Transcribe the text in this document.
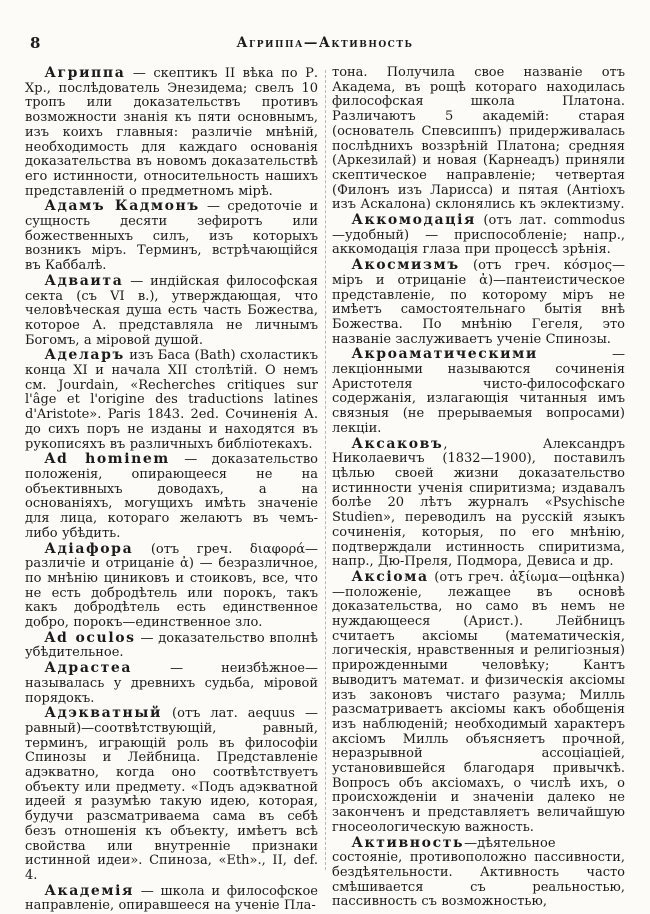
8	Агриппа—Активность

Агриппа — скептикъ II вѣка по Р. Хр., послѣдователь Энезидема; свелъ 10 тропъ или доказательствъ противъ возможности знанія къ пяти основнымъ, изъ коихъ главныя: различіе мнѣній, необходимость для каждаго основанія доказательства въ новомъ доказательствѣ его истинности, относительность нашихъ представленій о предметномъ мірѣ.

Адамъ Кадмонъ — средоточіе и сущность десяти зефиротъ или божественныхъ силъ, изъ которыхъ возникъ міръ. Терминъ, встрѣчающійся въ Каббалѣ.

Адваита — индійская философская секта (съ VI в.), утверждающая, что человѣческая душа есть часть Божества, которое А. представляла не личнымъ Богомъ, а міровой душой.

Аделаръ изъ Баса (Bath) схоластикъ конца XI и начала XII столѣтій. О немъ см. Jourdain, «Recherches critiques sur l'âge et l'origine des traductions latines d'Aristote». Paris 1843. 2ed. Сочиненія А. до сихъ поръ не изданы и находятся въ рукописяхъ въ различныхъ библіотекахъ.

Ad hominem — доказательство положенія, опирающееся не на объективныхъ доводахъ, а на основаніяхъ, могущихъ имѣть значеніе для лица, котораго желаютъ въ чемъ-либо убѣдить.

Адіафора (отъ греч. διαφορά—различіе и отрицаніе ἀ) — безразличное, по мнѣнію циниковъ и стоиковъ, все, что не есть добродѣтель или порокъ, такъ какъ добродѣтель есть единственное добро, порокъ—единственное зло.

Ad oculos — доказательство вполнѣ убѣдительное.

Адрастеа — неизбѣжное—называлась у древнихъ судьба, міровой порядокъ.

Адэкватный (отъ лат. aequus — равный)—соотвѣтствующій, равный, терминъ, играющій роль въ философіи Спинозы и Лейбница. Представленіе адэкватно, когда оно соотвѣтствуетъ объекту или предмету. «Подъ адэкватной идеей я разумѣю такую идею, которая, будучи разсматриваема сама въ себѣ безъ отношенія къ объекту, имѣетъ всѣ свойства или внутренніе признаки истинной идеи». Спиноза, «Eth»., II, def. 4.

Академія — школа и философское направленіе, опиравшееся на ученіе Пла-

тона. Получила свое названіе отъ Академа, въ рощѣ котораго находилась философская школа Платона. Различаютъ 5 академій: старая (основатель Спевсиппъ) придерживалась послѣднихъ воззрѣній Платона; средняя (Аркезилай) и новая (Карнеадъ) приняли скептическое направленіе; четвертая (Филонъ изъ Ларисса) и пятая (Антіохъ изъ Аскалона) склонялись къ эклектизму.

Аккомодація (отъ лат. commodus—удобный) — приспособленіе; напр., аккомодація глаза при процессѣ зрѣнія.

Акосмизмъ (отъ греч. κόσμος—міръ и отрицаніе ἀ)—пантеистическое представленіе, по которому міръ не имѣетъ самостоятельнаго бытія внѣ Божества. По мнѣнію Гегеля, это названіе заслуживаетъ ученіе Спинозы.

Акроаматическими — лекціонными называются сочиненія Аристотеля чисто-философскаго содержанія, излагающія читанныя имъ связныя (не прерываемыя вопросами) лекціи.

Аксаковъ, Александръ Николаевичъ (1832—1900), поставилъ цѣлью своей жизни доказательство истинности ученія спиритизма; издавалъ болѣе 20 лѣтъ журналъ «Psychische Studien», переводилъ на русскій языкъ сочиненія, которыя, по его мнѣнію, подтверждали истинность спиритизма, напр., Дю-Преля, Подмора, Девиса и др.

Аксіома (отъ греч. ἀξίωμα—оцѣнка)—положеніе, лежащее въ основѣ доказательства, но само въ немъ не нуждающееся (Арист.). Лейбницъ считаетъ аксіомы (математическія, логическія, нравственныя и религіозныя) прирожденными человѣку; Кантъ выводитъ математ. и физическія аксіомы изъ законовъ чистаго разума; Милль разсматриваетъ аксіомы какъ обобщенія изъ наблюденій; необходимый характеръ аксіомъ Милль объясняетъ прочной, неразрывной ассоціаціей, установившейся благодаря привычкѣ. Вопросъ объ аксіомахъ, о числѣ ихъ, о происхожденіи и значеніи далеко не законченъ и представляетъ величайшую гносеологическую важность.

Активность—дѣятельное состояніе, противоположно пассивности, бездѣятельности. Активность часто смѣшивается съ реальностью, пассивность съ возможностью,
